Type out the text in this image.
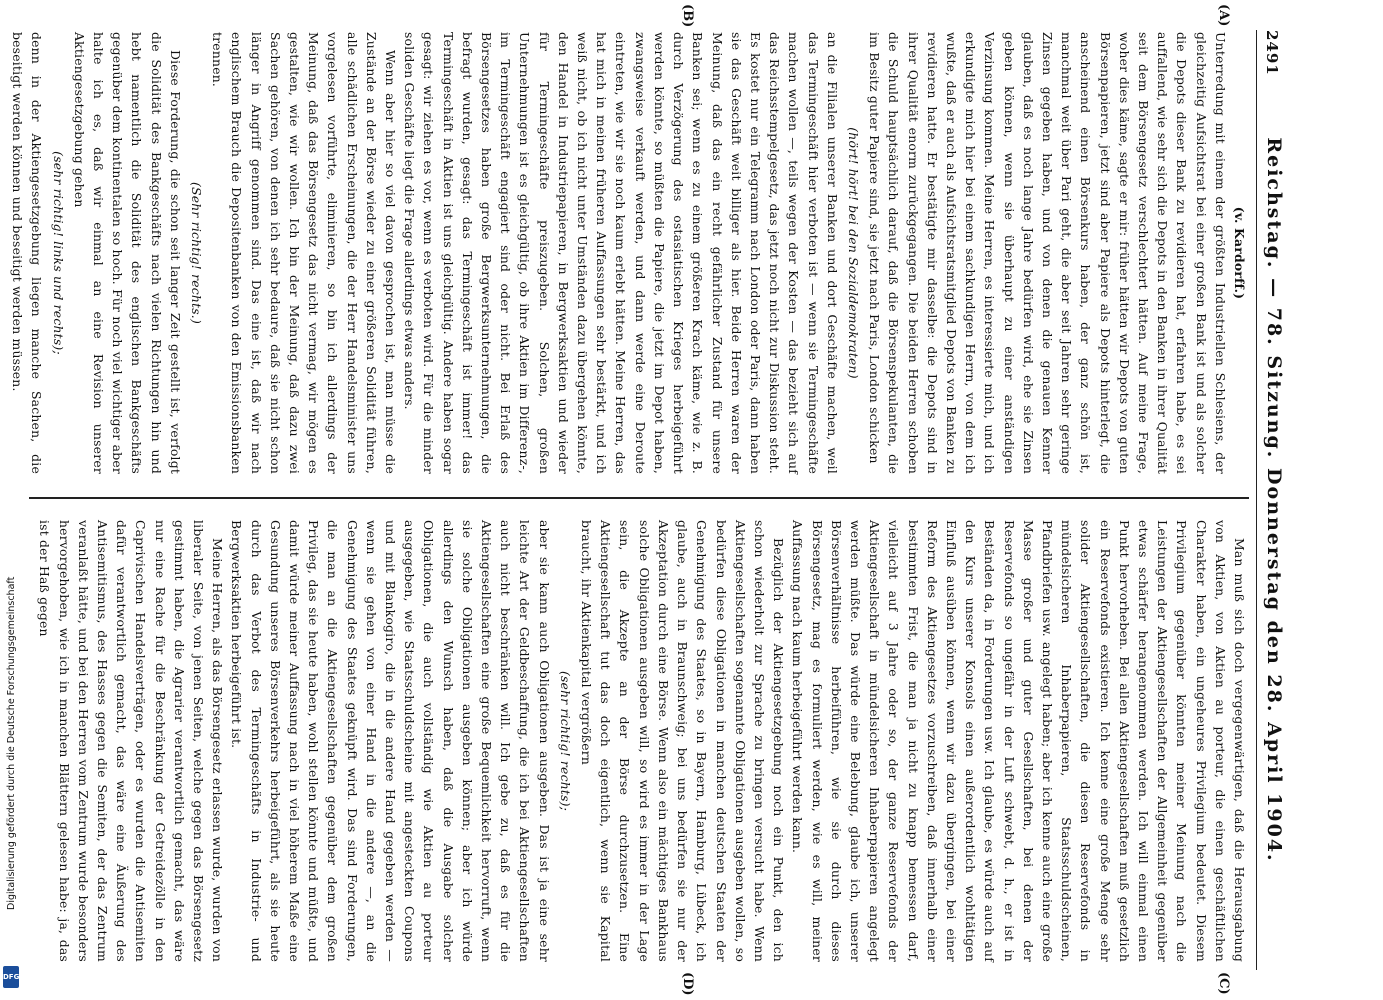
Reichstag. — 78. Sitzung. Donnerstag den 28. April 1904.
2491
(A)
(B)
(C)
(D)

(v. Kardorff.)

Unterredung mit einem der größten Industriellen Schlesiens, der gleichzeitig Aufsichtsrat bei einer großen Bank ist und als solcher die Depots dieser Bank zu revidieren hat, erfahren habe, es sei auffallend, wie sehr sich die Depots in den Banken in ihrer Qualität seit dem Börsengesetz verschlechtert hätten. Auf meine Frage, woher dies käme, sagte er mir: früher hätten wir Depots von guten Börsenpapieren, jetzt sind aber Papiere als Depots hinterlegt, die anscheinend einen Börsenkurs haben, der ganz schön ist, manchmal weit über Pari geht, die aber seit Jahren sehr geringe Zinsen gegeben haben, und von denen die genauen Kenner glauben, daß es noch lange Jahre bedürfen wird, ehe sie Zinsen geben können, wenn sie überhaupt zu einer anständigen Verzinsung kommen. Meine Herren, es interessierte mich, und ich erkundigte mich hier bei einem sachkundigen Herrn, von dem ich wußte, daß er auch als Aufsichtsratsmitglied Depots von Banken zu revidieren hatte. Er bestätigte mir dasselbe: die Depots sind in ihrer Qualität enorm zurückgegangen. Die beiden Herren schoben die Schuld hauptsächlich darauf, daß die Börsenspekulanten, die im Besitz guter Papiere sind, sie jetzt nach Paris, London schicken

(hört! hört! bei den Sozialdemokraten)

an die Filialen unserer Banken und dort Geschäfte machen, weil das Termingeschäft hier verboten ist — wenn sie Termingeschäfte machen wollen —, teils wegen der Kosten — das bezieht sich auf das Reichsstempelgesetz, das jetzt noch nicht zur Diskussion steht. Es kostet nur ein Telegramm nach London oder Paris, dann haben sie das Geschäft weit billiger als hier. Beide Herren waren der Meinung, daß das ein recht gefährlicher Zustand für unsere Banken sei; wenn es zu einem größeren Krach käme, wie z. B. durch Verzögerung des ostasiatischen Krieges herbeigeführt werden könnte, so müßten die Papiere, die jetzt im Depot haben, zwangsweise verkauft werden, und dann werde eine Deroute eintreten, wie wir sie noch kaum erlebt hätten. Meine Herren, das hat mich in meinen früheren Auffassungen sehr bestärkt, und ich weiß nicht, ob ich nicht unter Umständen dazu übergehen könnte, den Handel in Industriepapieren, in Bergwerksaktien und wieder für Termingeschäfte preiszugeben. Solchen, großen Unternehmungen ist es gleichgültig, ob ihre Aktien im Differenz-, im Termingeschäft engagiert sind oder nicht. Bei Erlaß des Börsengesetzes haben große Bergwerksunternehmungen, die befragt wurden, gesagt: das Termingeschäft ist immer! das Termingeschäft in Aktien ist uns gleichgültig. Andere haben sogar gesagt: wir ziehen es vor, wenn es verboten wird. Für die minder soliden Geschäfte liegt die Frage allerdings etwas anders.

Wenn aber hier so viel davon gesprochen ist, man müsse die Zustände an der Börse wieder zu einer größeren Solidität führen, alle schädlichen Erscheinungen, die der Herr Handelsminister uns vorgelesen vorführte, eliminieren, so bin ich allerdings der Meinung, daß das Börsengesetz das nicht vermag, wir mögen es gestalten, wie wir wollen. Ich bin der Meinung, daß dazu zwei Sachen gehören, von denen ich sehr bedaure, daß sie nicht schon länger in Angriff genommen sind. Das eine ist, daß wir nach englischem Brauch die Depositenbanken von den Emissionsbanken trennen.

(Sehr richtig! rechts.)

Diese Forderung, die schon seit langer Zeit gestellt ist, verfolgt die Solidität des Bankgeschäfts nach vielen Richtungen hin und hebt namentlich die Solidität des englischen Bankgeschäfts gegenüber dem kontinentalen so hoch. Für noch viel wichtiger aber halte ich es, daß wir einmal an eine Revision unserer Aktiengesetzgebung gehen

(sehr richtig! links und rechts);

denn in der Aktiengesetzgebung liegen manche Sachen, die beseitigt werden können und beseitigt werden müssen.

Man muß sich doch vergegenwärtigen, daß die Herausgabung von Aktien, von Aktien au porteur, die einen geschäftlichen Charakter haben, ein ungeheures Privilegium bedeutet. Diesem Privilegium gegenüber könnten meiner Meinung nach die Leistungen der Aktiengesellschaften der Allgemeinheit gegenüber etwas schärfer herangenommen werden. Ich will einmal einen Punkt hervorheben. Bei allen Aktiengesellschaften muß gesetzlich ein Reservefonds existieren. Ich kenne eine große Menge sehr solider Aktiengesellschaften, die diesen Reservefonds in mündelsicheren Inhaberpapieren, Staatsschuldscheinen, Pfandbriefen usw. angelegt haben; aber ich kenne auch eine große Masse großer und guter Gesellschaften, bei denen der Reservefonds so ungefähr in der Luft schwebt, d. h., er ist in Beständen da, in Forderungen usw. Ich glaube, es würde auch auf den Kurs unserer Konsols einen außerordentlich wohltätigen Einfluß ausüben können, wenn wir dazu übergingen, bei einer Reform des Aktiengesetzes vorzuschreiben, daß innerhalb einer bestimmten Frist, die man ja nicht zu knapp bemessen darf, vielleicht auf 3 Jahre oder so, der ganze Reservefonds der Aktiengesellschaft in mündelsicheren Inhaberpapieren angelegt werden müßte. Das würde eine Belebung, glaube ich, unserer Börsenverhältnisse herbeiführen, wie sie durch dieses Börsengesetz, mag es formuliert werden, wie es will, meiner Auffassung nach kaum herbeigeführt werden kann.

Bezüglich der Aktiengesetzgebung noch ein Punkt, den ich schon wiederholt zur Sprache zu bringen versucht habe. Wenn Aktiengesellschaften sogenannte Obligationen ausgeben wollen, so bedürfen diese Obligationen in manchen deutschen Staaten der Genehmigung des Staates, so in Bayern, Hamburg, Lübeck, ich glaube, auch in Braunschweig; bei uns bedürfen sie nur der Akzeptation durch eine Börse. Wenn also ein mächtiges Bankhaus solche Obligationen ausgeben will, so wird es immer in der Lage sein, die Akzepte an der Börse durchzusetzen. Eine Aktiengesellschaft tut das doch eigentlich, wenn sie Kapital braucht, ihr Aktienkapital vergrößern

(sehr richtig! rechts);

aber sie kann auch Obligationen ausgeben. Das ist ja eine sehr leichte Art der Geldbeschaffung, die ich bei Aktiengesellschaften auch nicht beschränken will. Ich gebe zu, daß es für die Aktiengesellschaften eine große Bequemlichkeit hervorruft, wenn sie solche Obligationen ausgeben können; aber ich würde allerdings den Wunsch haben, daß die Ausgabe solcher Obligationen, die auch vollständig wie Aktien au porteur ausgegeben, wie Staatsschuldscheine mit angesteckten Coupons und mit Blankogiro, die in die andere Hand gegeben werden — wenn sie gehen von einer Hand in die andere —, an die Genehmigung des Staates geknüpft wird. Das sind Forderungen, die man an die Aktiengesellschaften gegenüber dem großen Privileg, das sie heute haben, wohl stellen könnte und müßte, und damit würde meiner Auffassung nach in viel höherem Maße eine Gesundung unseres Börsenverkehrs herbeigeführt, als sie heute durch das Verbot des Termingeschäfts in Industrie- und Bergwerksaktien herbeigeführt ist.

Meine Herren, als das Börsengesetz erlassen wurde, wurden von liberaler Seite, von jenen Seiten, welche gegen das Börsengesetz gestimmt haben, die Agrarier verantwortlich gemacht, das wäre nur eine Rache für die Beschränkung der Getreidezölle in den Caprivischen Handelsverträgen, oder es wurden die Antisemiten dafür verantwortlich gemacht, das wäre eine Äußerung des Antisemitismus, des Hasses gegen die Semiten, der das Zentrum veranlaßt hätte, und bei den Herren vom Zentrum wurde besonders hervorgehoben, wie ich in manchen Blättern gelesen habe: ja, das ist der Haß gegen

Digitalisierung gefördert durch die Deutsche Forschungsgemeinschaft
DFG
